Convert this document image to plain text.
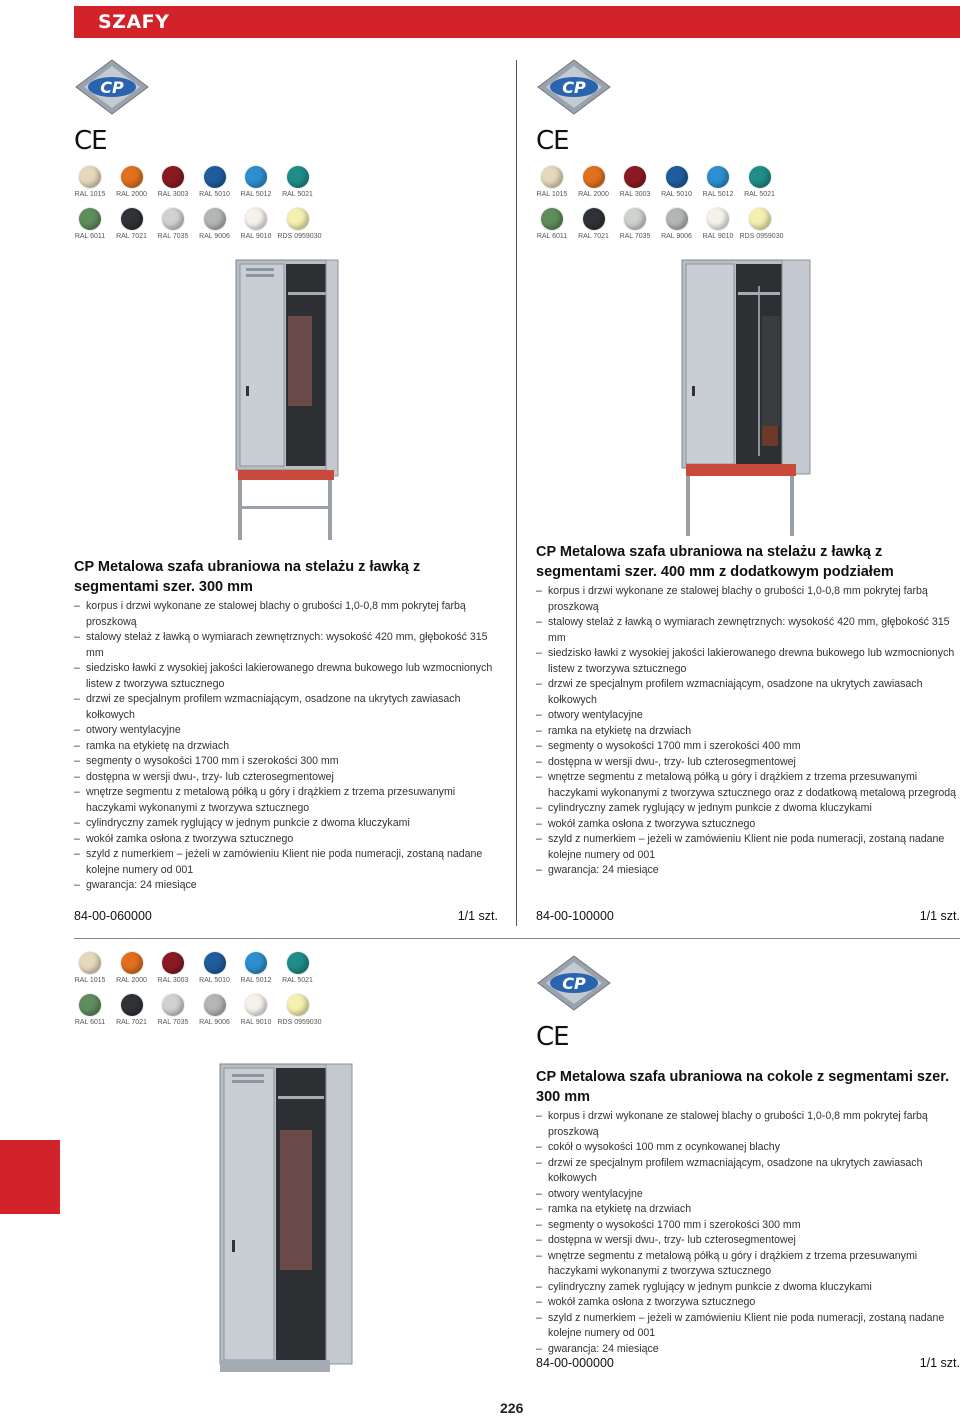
SZAFY
CP	CP
CP
CE	CE
CE
RAL 1015	RAL 2000	RAL 3003	RAL 5010	RAL 5012	RAL 5021
RAL 6011	RAL 7021	RAL 7035	RAL 9006	RAL 9010 RDS 0959030
RAL 1015	RAL 2000	RAL 3003	RAL 5010	RAL 5012	RAL 5021
RAL 6011	RAL 7021	RAL 7035	RAL 9006	RAL 9010 RDS 0959030
RAL 1015	RAL 2000	RAL 3003	RAL 5010	RAL 5012	RAL 5021
RAL 6011	RAL 7021	RAL 7035	RAL 9006	RAL 9010 RDS 0959030
CP Metalowa szafa ubraniowa na stelażu z ławką z segmentami szer. 300 mm
– korpus i drzwi wykonane ze stalowej blachy o grubości 1,0-0,8 mm pokrytej farbą proszkową
– stalowy stelaż z ławką o wymiarach zewnętrznych: wysokość 420 mm, głębokość 315 mm
– siedzisko ławki z wysokiej jakości lakierowanego drewna bukowego lub wzmocnionych listew z tworzywa sztucznego
– drzwi ze specjalnym profilem wzmacniającym, osadzone na ukrytych zawiasach kołkowych
– otwory wentylacyjne
– ramka na etykietę na drzwiach
– segmenty o wysokości 1700 mm i szerokości 300 mm
– dostępna w wersji dwu-, trzy- lub czterosegmentowej
– wnętrze segmentu z metalową półką u góry i drążkiem z trzema przesuwanymi haczykami wykonanymi z tworzywa sztucznego
– cylindryczny zamek ryglujący w jednym punkcie z dwoma kluczykami
– wokół zamka osłona z tworzywa sztucznego
– szyld z numerkiem – jeżeli w zamówieniu Klient nie poda numeracji, zostaną nadane kolejne numery od 001
– gwarancja: 24 miesiące
84-00-060000	1/1 szt.
CP Metalowa szafa ubraniowa na stelażu z ławką z segmentami szer. 400 mm z dodatkowym podziałem
– korpus i drzwi wykonane ze stalowej blachy o grubości 1,0-0,8 mm pokrytej farbą proszkową
– stalowy stelaż z ławką o wymiarach zewnętrznych: wysokość 420 mm, głębokość 315 mm
– siedzisko ławki z wysokiej jakości lakierowanego drewna bukowego lub wzmocnionych listew z tworzywa sztucznego
– drzwi ze specjalnym profilem wzmacniającym, osadzone na ukrytych zawiasach kołkowych
– otwory wentylacyjne
– ramka na etykietę na drzwiach
– segmenty o wysokości 1700 mm i szerokości 400 mm
– dostępna w wersji dwu-, trzy- lub czterosegmentowej
– wnętrze segmentu z metalową półką u góry i drążkiem z trzema przesuwanymi haczykami wykonanymi z tworzywa sztucznego oraz z dodatkową metalową przegrodą
– cylindryczny zamek ryglujący w jednym punkcie z dwoma kluczykami
– wokół zamka osłona z tworzywa sztucznego
– szyld z numerkiem – jeżeli w zamówieniu Klient nie poda numeracji, zostaną nadane kolejne numery od 001
– gwarancja: 24 miesiące
84-00-100000	1/1 szt.
CP Metalowa szafa ubraniowa na cokole z segmentami szer. 300 mm
– korpus i drzwi wykonane ze stalowej blachy o grubości 1,0-0,8 mm pokrytej farbą proszkową
– cokół o wysokości 100 mm z ocynkowanej blachy
– drzwi ze specjalnym profilem wzmacniającym, osadzone na ukrytych zawiasach kołkowych
– otwory wentylacyjne
– ramka na etykietę na drzwiach
– segmenty o wysokości 1700 mm i szerokości 300 mm
– dostępna w wersji dwu-, trzy- lub czterosegmentowej
– wnętrze segmentu z metalową półką u góry i drążkiem z trzema przesuwanymi haczykami wykonanymi z tworzywa sztucznego
– cylindryczny zamek ryglujący w jednym punkcie z dwoma kluczykami
– wokół zamka osłona z tworzywa sztucznego
– szyld z numerkiem – jeżeli w zamówieniu Klient nie poda numeracji, zostaną nadane kolejne numery od 001
– gwarancja: 24 miesiące
84-00-000000	1/1 szt.
226
